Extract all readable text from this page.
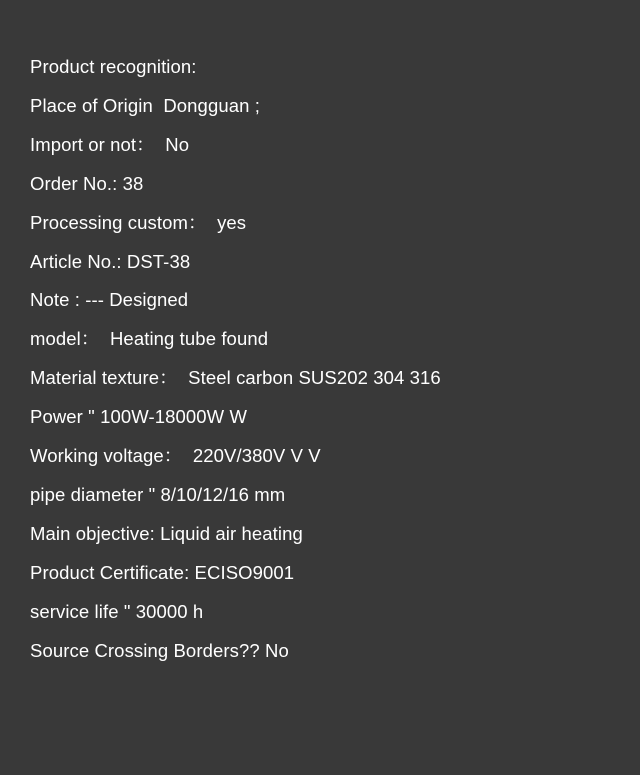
Product recognition:
Place of Origin  Dongguan ;
Import or not：  No
Order No.: 38
Processing custom：  yes
Article No.: DST-38
Note : --- Designed
model：  Heating tube found
Material texture：  Steel carbon SUS202 304 316
Power " 100W-18000W W
Working voltage：  220V/380V V V
pipe diameter " 8/10/12/16 mm
Main objective: Liquid air heating
Product Certificate: ECISO9001
service life " 30000 h
Source Crossing Borders?? No
